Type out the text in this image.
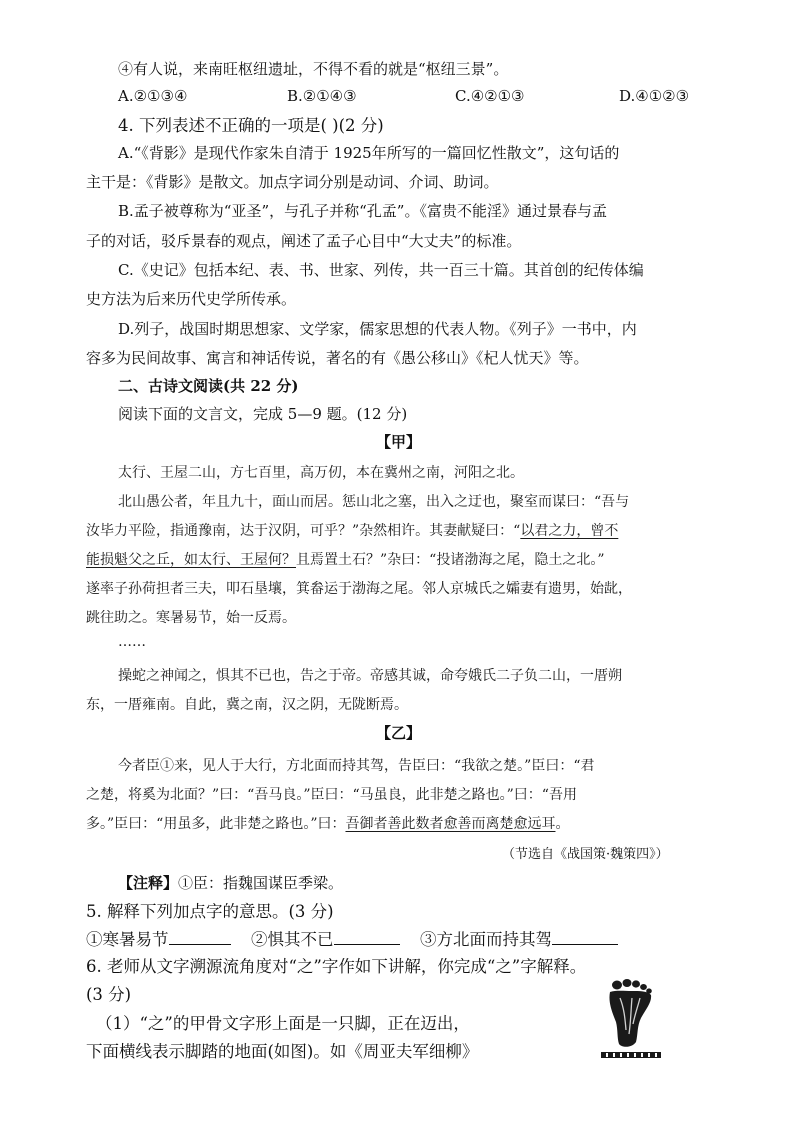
④有人说，来南旺枢纽遗址，不得不看的就是“枢纽三景”。
A.②①③④	B.②①④③	C.④②①③	D.④①②③
4. 下列表述不正确的一项是( )(2 分)
A.“《背影》是现代作家朱自清于 1925年所写的一篇回忆性散文”，这句话的
主干是：《背影》是散文。加点字词分别是动词、介词、助词。
B.孟子被尊称为“亚圣”，与孔子并称“孔孟”。《富贵不能淫》通过景春与孟
子的对话，驳斥景春的观点，阐述了孟子心目中“大丈夫”的标准。
C.《史记》包括本纪、表、书、世家、列传，共一百三十篇。其首创的纪传体编
史方法为后来历代史学所传承。
D.列子，战国时期思想家、文学家，儒家思想的代表人物。《列子》一书中，内
容多为民间故事、寓言和神话传说，著名的有《愚公移山》《杞人忧天》等。
二、古诗文阅读(共 22 分)
阅读下面的文言文，完成 5—9 题。(12 分)
【甲】
太行、王屋二山，方七百里，高万仞，本在冀州之南，河阳之北。
北山愚公者，年且九十，面山而居。惩山北之塞，出入之迂也，聚室而谋曰：“吾与
汝毕力平险，指通豫南，达于汉阴，可乎？”杂然相许。其妻献疑曰：“以君之力，曾不
能损魁父之丘，如太行、王屋何？且焉置土石？”杂曰：“投诸渤海之尾，隐土之北。”
遂率子孙荷担者三夫，叩石垦壤，箕畚运于渤海之尾。邻人京城氏之孀妻有遗男，始龀，
跳往助之。寒暑易节，始一反焉。
……
操蛇之神闻之，惧其不已也，告之于帝。帝感其诚，命夸娥氏二子负二山，一厝朔
东，一厝雍南。自此，冀之南，汉之阴，无陇断焉。
【乙】
今者臣①来，见人于大行，方北面而持其驾，告臣曰：“我欲之楚。”臣曰：“君
之楚，将奚为北面？”曰：“吾马良。”臣曰：“马虽良，此非楚之路也。”曰：“吾用
多。”臣曰：“用虽多，此非楚之路也。”曰：吾御者善此数者愈善而离楚愈远耳。
（节选自《战国策·魏策四》）
【注释】①臣：指魏国谋臣季梁。
5. 解释下列加点字的意思。(3 分)
①寒暑易节	②惧其不已	③方北面而持其驾
6. 老师从文字溯源流角度对“之”字作如下讲解，你完成“之”字解释。
(3 分)
（1）“之”的甲骨文字形上面是一只脚，正在迈出，
下面横线表示脚踏的地面(如图)。如《周亚夫军细柳》
